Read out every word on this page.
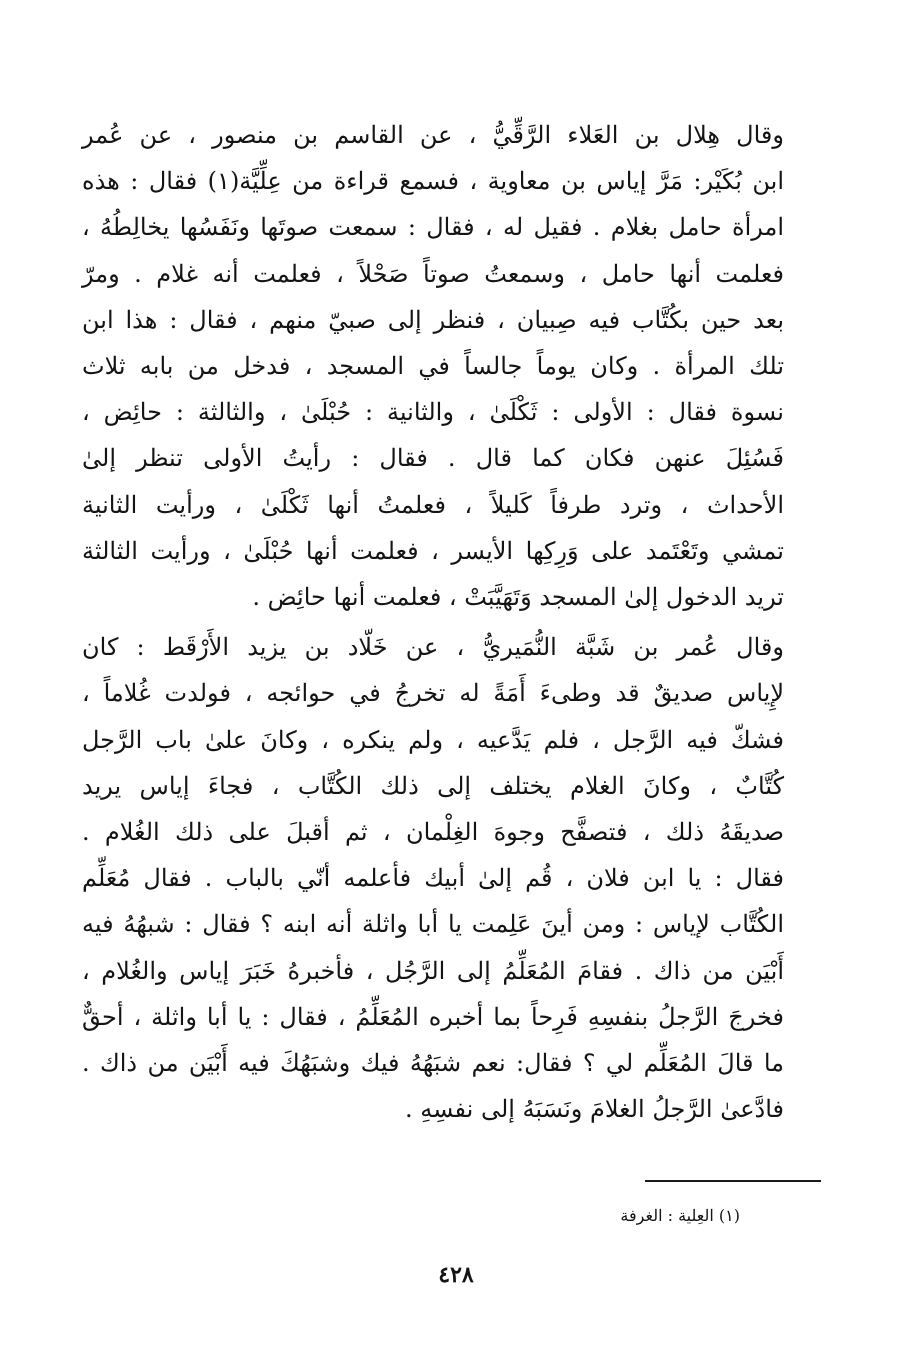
وقال هِلال بن العَلاء الرَّقِّيُّ ، عن القاسم بن منصور ، عن عُمر
ابن بُكَيْر: مَرَّ إياس بن معاوية ، فسمع قراءة من عِلِّيَّة(١) فقال : هذه
امرأة حامل بغلام . فقيل له ، فقال : سمعت صوتَها ونَفَسُها يخالِطُهُ ،
فعلمت أنها حامل ، وسمعتُ صوتاً صَحْلاً ، فعلمت أنه غلام . ومرّ
بعد حين بكُتَّاب فيه صِبيان ، فنظر إلى صبيّ منهم ، فقال : هذا ابن
تلك المرأة . وكان يوماً جالساً في المسجد ، فدخل من بابه ثلاث
نسوة فقال : الأولى : ثَكْلَىٰ ، والثانية : حُبْلَىٰ ، والثالثة : حائِض ،
فَسُئِلَ عنهن فكان كما قال . فقال : رأيتُ الأولى تنظر إلىٰ
الأحداث ، وترد طرفاً كَليلاً ، فعلمتُ أنها ثَكْلَىٰ ، ورأيت الثانية
تمشي وتَعْتَمد على وَرِكِها الأيسر ، فعلمت أنها حُبْلَىٰ ، ورأيت الثالثة
تريد الدخول إلىٰ المسجد وَتَهَيَّبَتْ ، فعلمت أنها حائِض .
وقال عُمر بن شَبَّة النُّمَيريُّ ، عن خَلّاد بن يزيد الأَرْقَط : كان
لإِياس صديقٌ قد وطىءَ أَمَةً له تخرجُ في حوائجه ، فولدت غُلاماً ،
فشكّ فيه الرَّجل ، فلم يَدَّعيه ، ولم ينكره ، وكانَ علىٰ باب الرَّجل
كُتَّابٌ ، وكانَ الغلام يختلف إلى ذلك الكُتَّاب ، فجاءَ إياس يريد
صديقَهُ ذلك ، فتصفَّح وجوهَ الغِلْمان ، ثم أقبلَ على ذلك الغُلام .
فقال : يا ابن فلان ، قُم إلىٰ أبيك فأعلمه أنّي بالباب . فقال مُعَلِّم
الكُتَّاب لإياس : ومن أينَ عَلِمت يا أبا واثلة أنه ابنه ؟ فقال : شبهُهُ فيه
أَبْيَن من ذاك . فقامَ المُعَلِّمُ إلى الرَّجُل ، فأخبرهُ خَبَرَ إياس والغُلام ،
فخرجَ الرَّجلُ بنفسِهِ فَرِحاً بما أخبره المُعَلِّمُ ، فقال : يا أبا واثلة ، أحقٌّ
ما قالَ المُعَلِّم لي ؟ فقال: نعم شبَهُهُ فيك وشبَهُكَ فيه أَبْيَن من ذاك .
فادَّعىٰ الرَّجلُ الغلامَ ونَسَبَهُ إلى نفسِهِ .
(١) العِلية : الغرفة
٤٢٨
